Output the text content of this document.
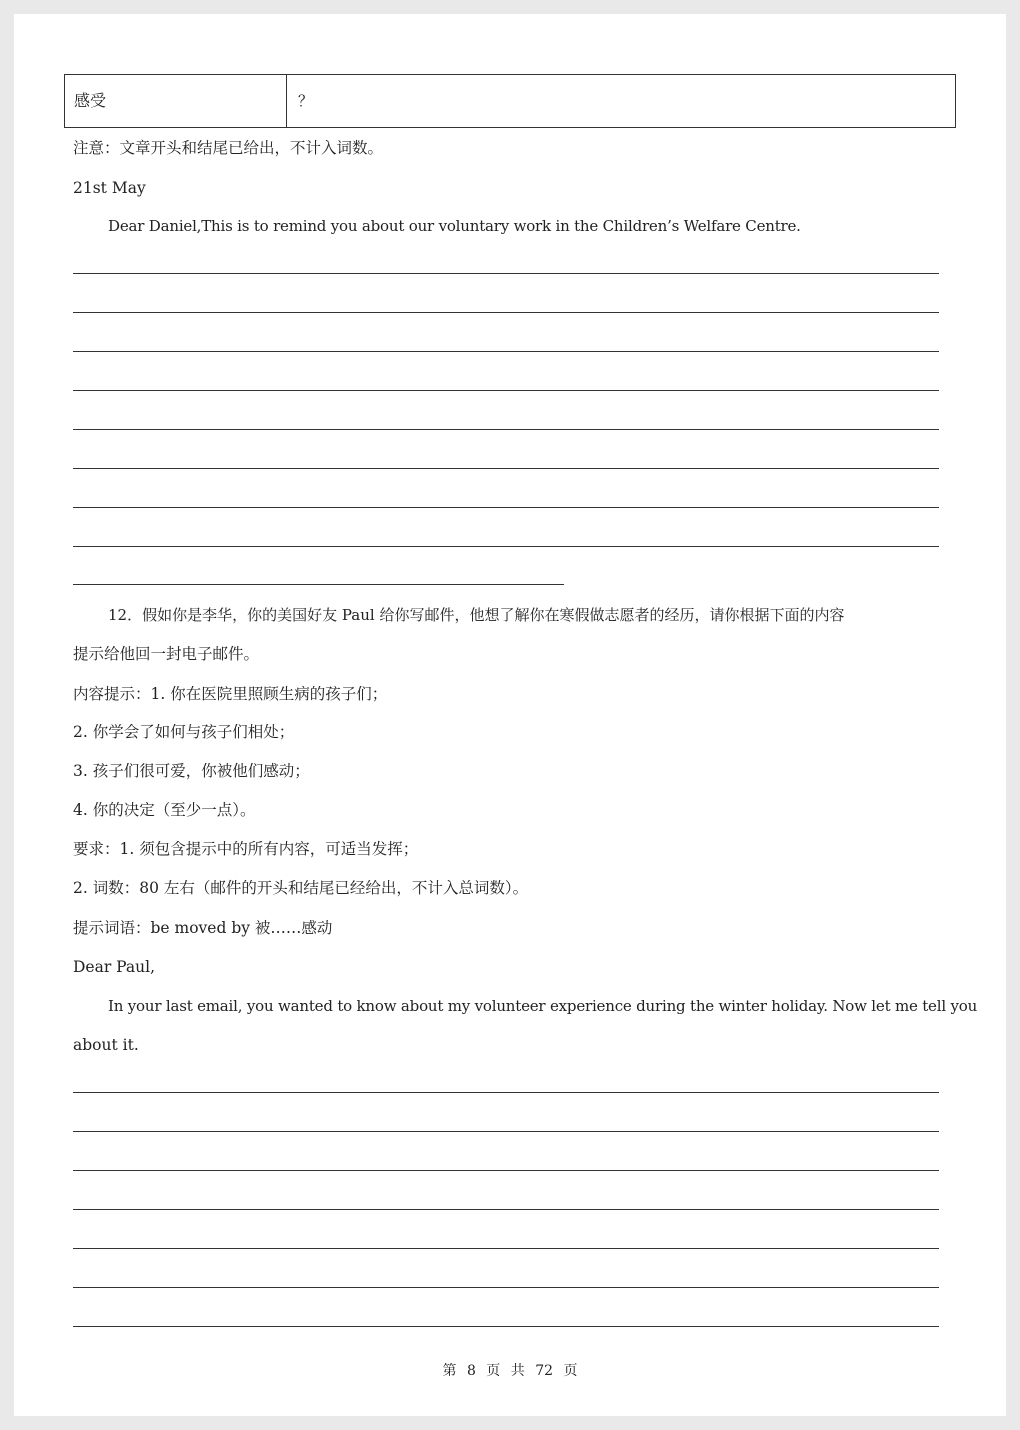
感受	？
注意：文章开头和结尾已给出，不计入词数。
21st May
Dear Daniel,This is to remind you about our voluntary work in the Children’s Welfare Centre.
12．假如你是李华，你的美国好友 Paul 给你写邮件，他想了解你在寒假做志愿者的经历，请你根据下面的内容
提示给他回一封电子邮件。
内容提示：1. 你在医院里照顾生病的孩子们；
2. 你学会了如何与孩子们相处；
3. 孩子们很可爱，你被他们感动；
4. 你的决定（至少一点）。
要求：1. 须包含提示中的所有内容，可适当发挥；
2. 词数：80 左右（邮件的开头和结尾已经给出，不计入总词数）。
提示词语：be moved by 被……感动
Dear Paul,
In your last email, you wanted to know about my volunteer experience during the winter holiday. Now let me tell you
about it.
第 8 页 共 72 页
